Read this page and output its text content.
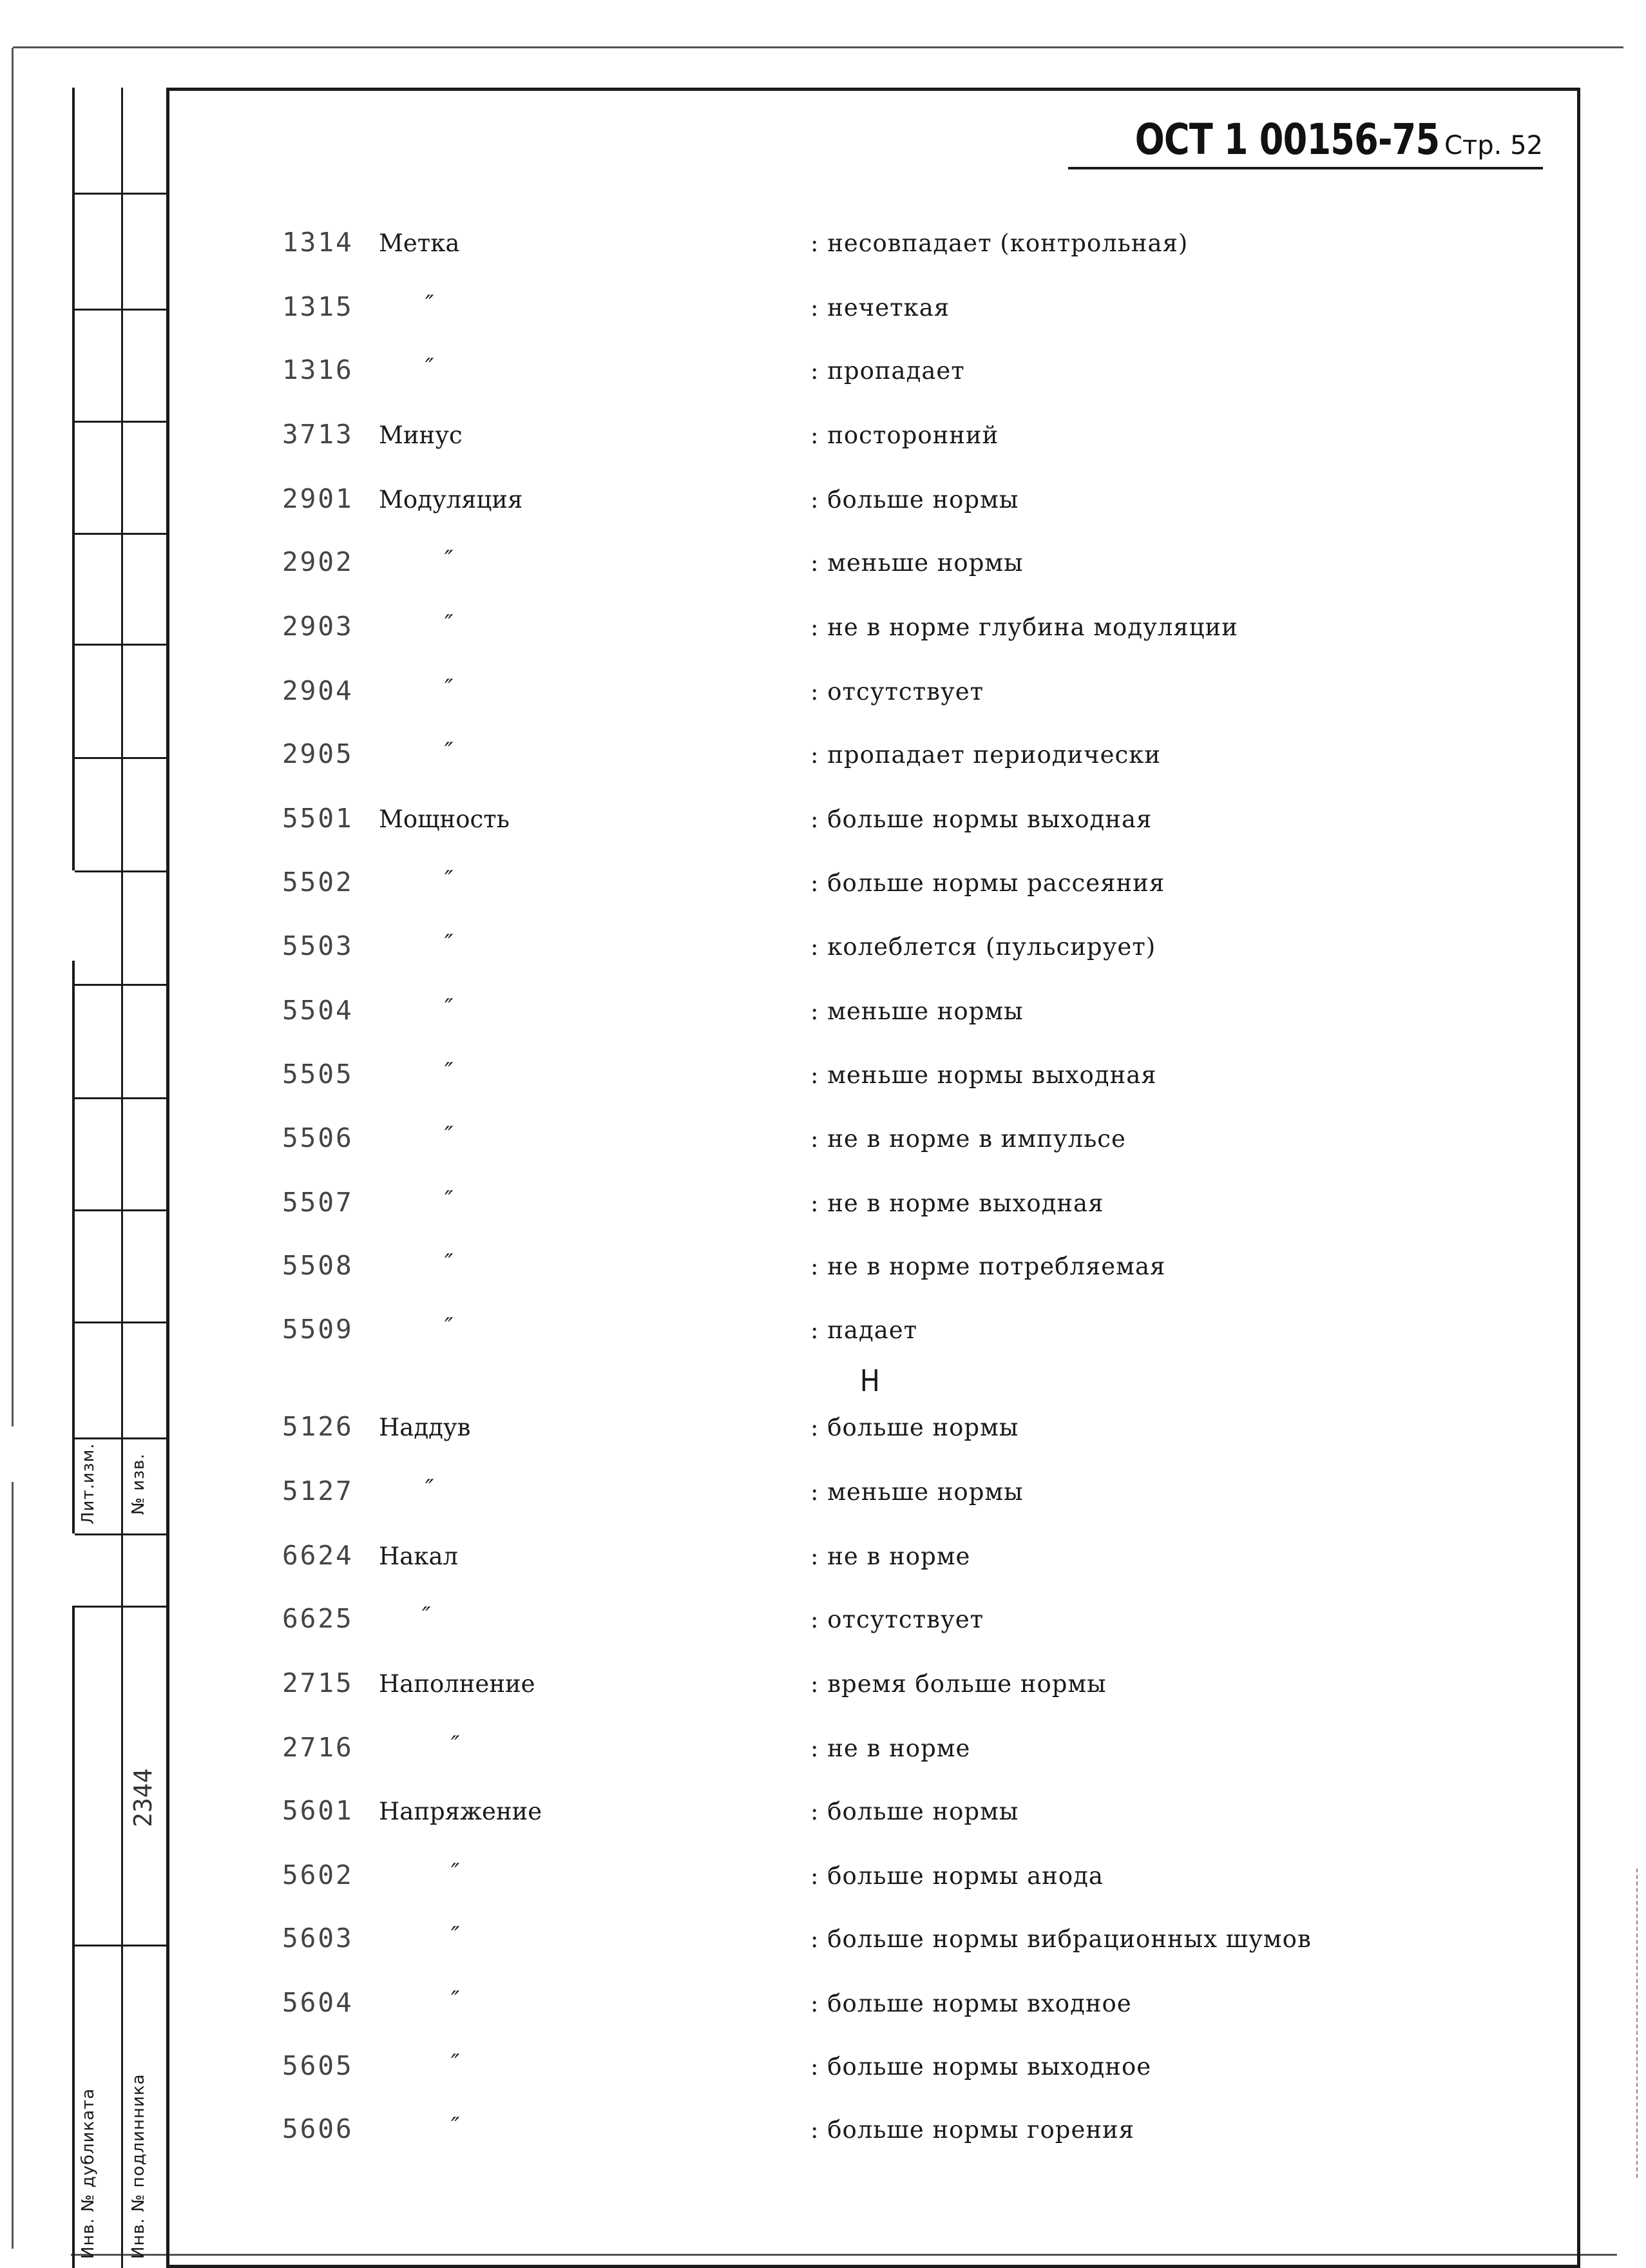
Лит.изм. № изв.
2344
Инв. № дубликата Инв. № подлинника
ОСТ 1 00156-75 Стр. 52
Н
1314 Метка	: несовпадает (контрольная)
1315	″	: нечеткая
1316	″	: пропадает
3713 Минус	: посторонний
2901 Модуляция	: больше нормы
2902	″	: меньше нормы
2903	″	: не в норме глубина модуляции
2904	″	: отсутствует
2905	″	: пропадает периодически
5501 Мощность	: больше нормы выходная
5502	″	: больше нормы рассеяния
5503	″	: колеблется (пульсирует)
5504	″	: меньше нормы
5505	″	: меньше нормы выходная
5506	″	: не в норме в импульсе
5507	″	: не в норме выходная
5508	″	: не в норме потребляемая
5509	″	: падает
5126 Наддув	: больше нормы
5127	″	: меньше нормы
6624 Накал	: не в норме
6625	″	: отсутствует
2715 Наполнение	: время больше нормы
2716	″	: не в норме
5601 Напряжение	: больше нормы
5602	″	: больше нормы анода
5603	″	: больше нормы вибрационных шумов
5604	″	: больше нормы входное
5605	″	: больше нормы выходное
5606	″	: больше нормы горения
